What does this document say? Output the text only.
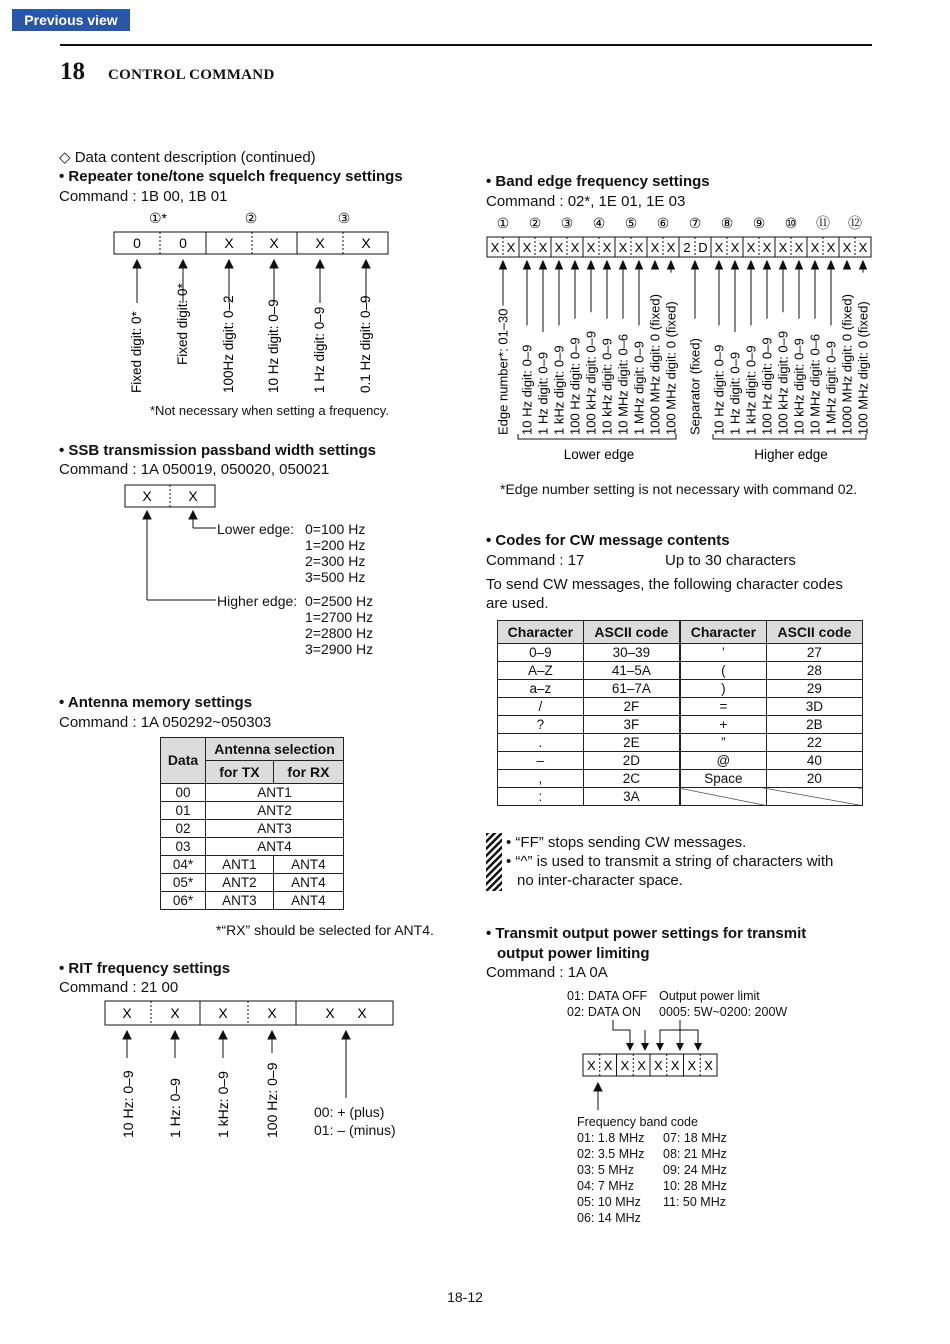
Previous view
18 CONTROL COMMAND
◇ Data content description (continued)
• Repeater tone/tone squelch frequency settings
Command : 1B 00, 1B 01
①*	②	③
0	0	X	X	X	X
Fixed digit: 0* Fixed digit: 0* 100Hz digit: 0–2 10 Hz digit: 0–9 1 Hz digit: 0–9 0.1 Hz digit: 0–9
*Not necessary when setting a frequency.
• SSB transmission passband width settings
Command : 1A 050019, 050020, 050021
X	X
Lower edge: 0=100 Hz
1=200 Hz
2=300 Hz
3=500 Hz
Higher edge: 0=2500 Hz
1=2700 Hz
2=2800 Hz
3=2900 Hz
• Antenna memory settings
Command : 1A 050292~050303
Data	Antenna selection	
	for TX	for RX
00	ANT1	
01	ANT2	
02	ANT3	
03	ANT4	
04*	ANT1	ANT4
05*	ANT2	ANT4
06*	ANT3	ANT4
*“RX” should be selected for ANT4.
• RIT frequency settings
Command : 21 00
X	X	X	X	X X
10 Hz: 0–9 1 Hz: 0–9 1 kHz: 0–9 100 Hz: 0–9 00: + (plus)
01: – (minus)
• Band edge frequency settings
Command : 02*, 1E 01, 1E 03
① ② ③ ④ ⑤ ⑥ ⑦ ⑧ ⑨ ⑩ ⑪ ⑫
X X X X X X X X X X X X 2 D X X X X X X X X X X
Edge number*: 01–30 10 Hz digit: 0–9 1 Hz digit: 0–9 1 kHz digit: 0–9 100 Hz digit: 0–9 100 kHz digit: 0–9 10 kHz digit: 0–9 10 MHz digit: 0–6 1 MHz digit: 0–9 1000 MHz digit: 0 (fixed) 100 MHz digit: 0 (fixed) Separator (fixed) 10 Hz digit: 0–9 1 Hz digit: 0–9 1 kHz digit: 0–9 100 Hz digit: 0–9 100 kHz digit: 0–9 10 kHz digit: 0–9 10 MHz digit: 0–6 1 MHz digit: 0–9 1000 MHz digit: 0 (fixed) 100 MHz digit: 0 (fixed)
Lower edge	Higher edge
*Edge number setting is not necessary with command 02.
• Codes for CW message contents
Command : 17	Up to 30 characters
To send CW messages, the following character codes
are used.
Character	ASCII code	Character	ASCII code
0–9	30–39	’	27
A–Z	41–5A	(	28
a–z	61–7A	)	29
/	2F	=	3D
?	3F	+	2B
.	2E	”	22
–	2D	@	40
,	2C	Space	20
:	3A		
• “FF” stops sending CW messages.
• “^” is used to transmit a string of characters with
no inter-character space.
• Transmit output power settings for transmit
output power limiting
Command : 1A 0A
01: DATA OFF
02: DATA ON
Output power limit
0005: 5W~0200: 200W
X X X X X X X X
Frequency band code
01: 1.8 MHz
02: 3.5 MHz
03: 5 MHz
04: 7 MHz
05: 10 MHz
06: 14 MHz
07: 18 MHz
08: 21 MHz
09: 24 MHz
10: 28 MHz
11: 50 MHz
18-12
